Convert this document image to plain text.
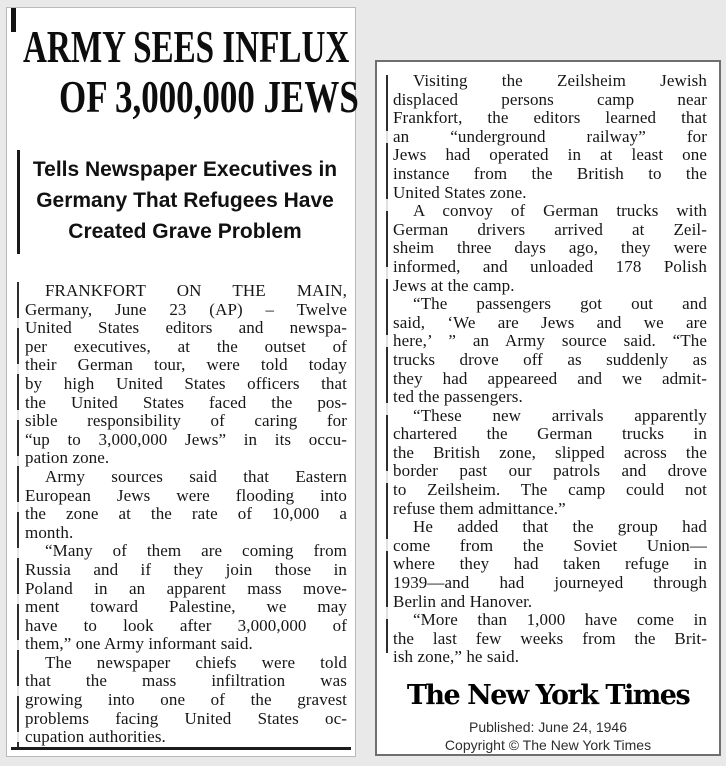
ARMY SEES INFLUX
OF 3,000,000 JEWS
Tells Newspaper Executives in
Germany That Refugees Have
Created Grave Problem
FRANKFORT ON THE MAIN,
Germany, June 23 (AP) – Twelve
United States editors and newspa-
per executives, at the outset of
their German tour, were told today
by high United States officers that
the United States faced the pos-
sible responsibility of caring for
“up to 3,000,000 Jews” in its occu-
pation zone.
Army sources said that Eastern
European Jews were flooding into
the zone at the rate of 10,000 a
month.
“Many of them are coming from
Russia and if they join those in
Poland in an apparent mass move-
ment toward Palestine, we may
have to look after 3,000,000 of
them,” one Army informant said.
The newspaper chiefs were told
that the mass infiltration was
growing into one of the gravest
problems facing United States oc-
cupation authorities.
Visiting the Zeilsheim Jewish
displaced persons camp near
Frankfort, the editors learned that
an “underground railway” for
Jews had operated in at least one
instance from the British to the
United States zone.
A convoy of German trucks with
German drivers arrived at Zeil-
sheim three days ago, they were
informed, and unloaded 178 Polish
Jews at the camp.
“The passengers got out and
said, ‘We are Jews and we are
here,’ ” an Army source said. “The
trucks drove off as suddenly as
they had appeareed and we admit-
ted the passengers.
“These new arrivals apparently
chartered the German trucks in
the British zone, slipped across the
border past our patrols and drove
to Zeilsheim. The camp could not
refuse them admittance.”
He added that the group had
come from the Soviet Union—
where they had taken refuge in
1939—and had journeyed through
Berlin and Hanover.
“More than 1,000 have come in
the last few weeks from the Brit-
ish zone,” he said.
The New York Times
Published: June 24, 1946
Copyright © The New York Times
